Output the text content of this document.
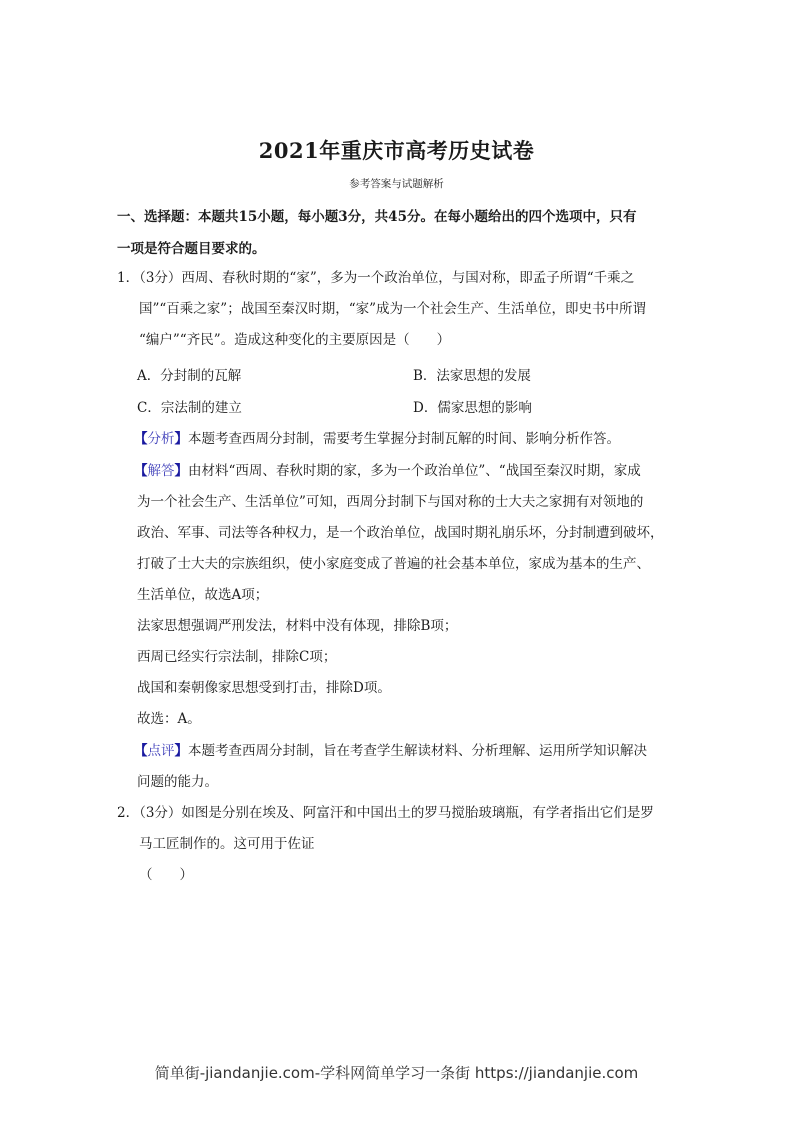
2021年重庆市高考历史试卷
参考答案与试题解析
一、选择题：本题共15小题，每小题3分，共45分。在每小题给出的四个选项中，只有
一项是符合题目要求的。
1．（3分）西周、春秋时期的“家”，多为一个政治单位，与国对称，即孟子所谓“千乘之
国”“百乘之家”；战国至秦汉时期，“家”成为一个社会生产、生活单位，即史书中所谓
“编户”“齐民”。造成这种变化的主要原因是（　　）
A．分封制的瓦解	B．法家思想的发展
C．宗法制的建立	D．儒家思想的影响
【分析】本题考查西周分封制，需要考生掌握分封制瓦解的时间、影响分析作答。
【解答】由材料“西周、春秋时期的家，多为一个政治单位”、“战国至秦汉时期，家成
为一个社会生产、生活单位”可知，西周分封制下与国对称的士大夫之家拥有对领地的
政治、军事、司法等各种权力，是一个政治单位，战国时期礼崩乐坏，分封制遭到破坏，
打破了士大夫的宗族组织，使小家庭变成了普遍的社会基本单位，家成为基本的生产、
生活单位，故选A项；
法家思想强调严刑发法，材料中没有体现，排除B项；
西周已经实行宗法制，排除C项；
战国和秦朝像家思想受到打击，排除D项。
故选：A。
【点评】本题考查西周分封制，旨在考查学生解读材料、分析理解、运用所学知识解决
问题的能力。
2．（3分）如图是分别在埃及、阿富汗和中国出土的罗马搅胎玻璃瓶，有学者指出它们是罗
马工匠制作的。这可用于佐证
（　　）
简单街-jiandanjie.com-学科网简单学习一条街 https://jiandanjie.com
